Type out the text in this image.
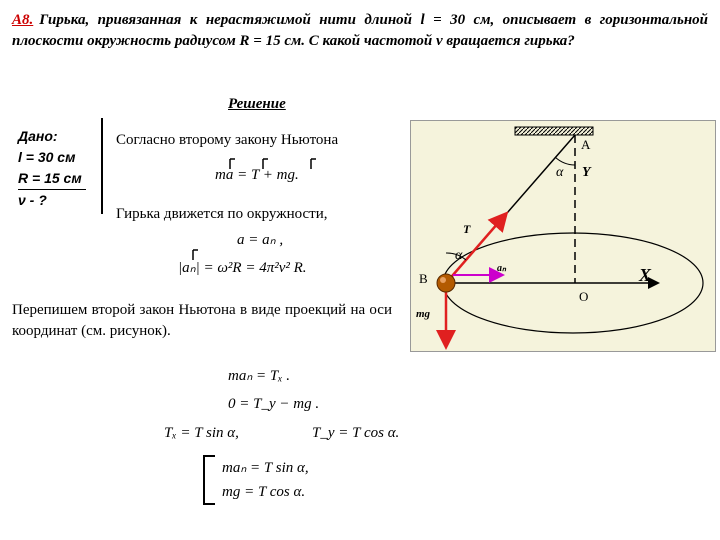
А8. Гирька, привязанная к нерастяжимой нити длиной l = 30 см, описывает в горизонтальной плоскости окружность радиусом R = 15 см. С какой частотой ν вращается гирька?
Решение
Дано:
l = 30 см
R = 15 см
ν - ?
Согласно второму закону Ньютона
ma = T + mg.
Гирька движется по окружности,
a = aₙ ,
|aₙ| = ω²R = 4π²ν² R.
Перепишем второй закон Ньютона в виде проекций на оси координат (см. рисунок).
maₙ = Tₓ .
0 = T_y − mg .
Tₓ = T sin α,	T_y = T cos α.
maₙ = T sin α,
mg = T cos α.
A
α Y
T
α
B
aₙ	X
O
mg
